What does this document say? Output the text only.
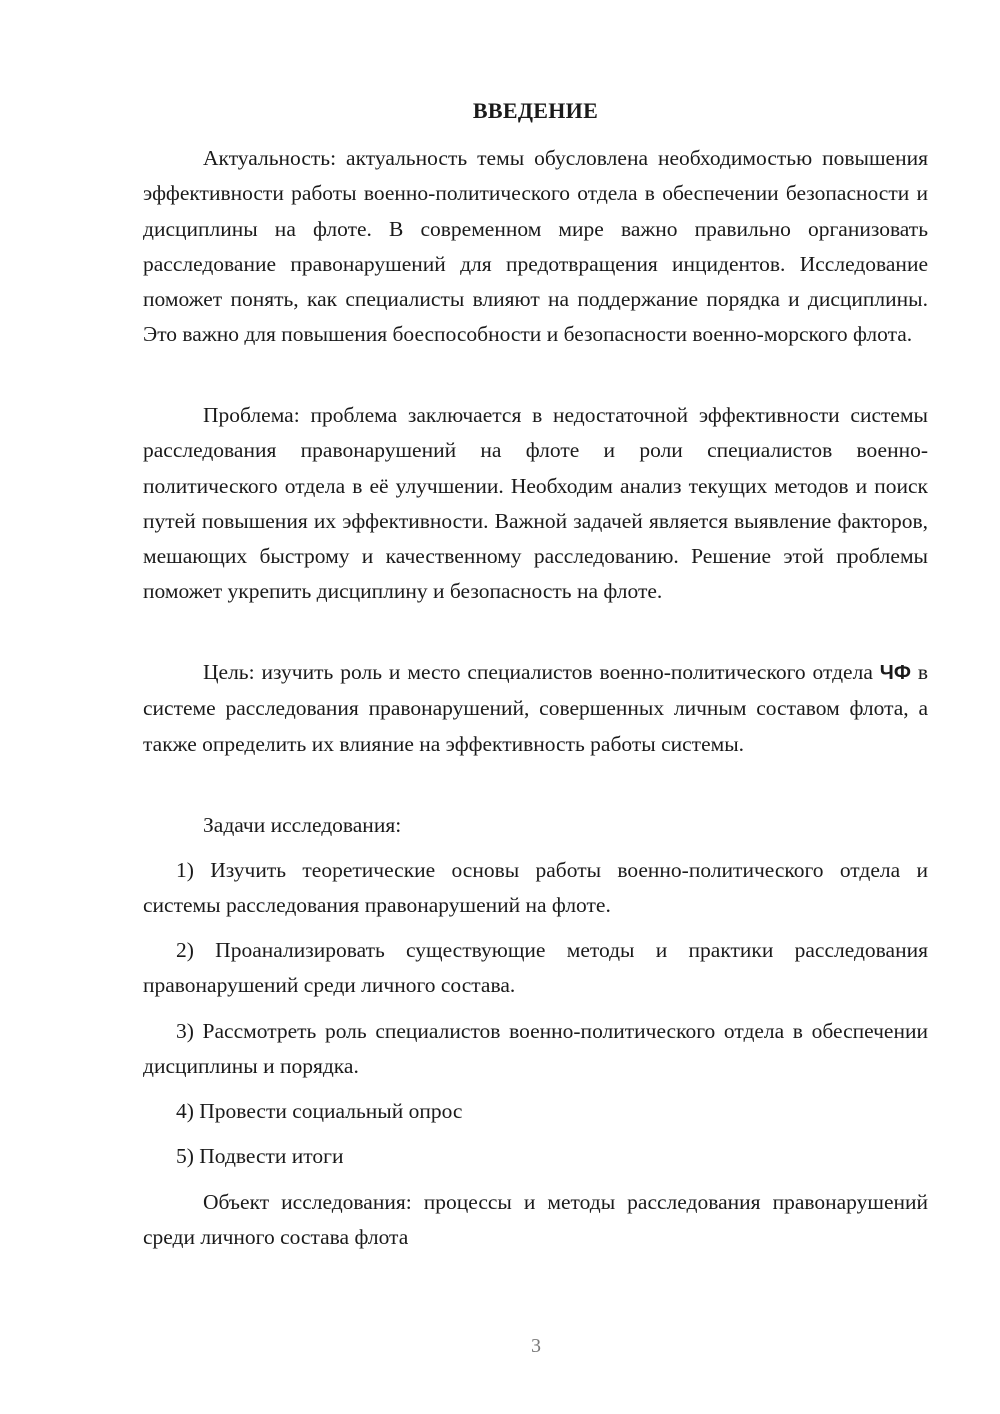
ВВЕДЕНИЕ

Актуальность: актуальность темы обусловлена необходимостью повышения эффективности работы военно-политического отдела в обеспечении безопасности и дисциплины на флоте. В современном мире важно правильно организовать расследование правонарушений для предотвращения инцидентов. Исследование поможет понять, как специалисты влияют на поддержание порядка и дисциплины. Это важно для повышения боеспособности и безопасности военно-морского флота.

Проблема: проблема заключается в недостаточной эффективности системы расследования правонарушений на флоте и роли специалистов военно-политического отдела в её улучшении. Необходим анализ текущих методов и поиск путей повышения их эффективности. Важной задачей является выявление факторов, мешающих быстрому и качественному расследованию. Решение этой проблемы поможет укрепить дисциплину и безопасность на флоте.

Цель: изучить роль и место специалистов военно-политического отдела ЧФ в системе расследования правонарушений, совершенных личным составом флота, а также определить их влияние на эффективность работы системы.

Задачи исследования:

1) Изучить теоретические основы работы военно-политического отдела и системы расследования правонарушений на флоте.

2) Проанализировать существующие методы и практики расследования правонарушений среди личного состава.

3) Рассмотреть роль специалистов военно-политического отдела в обеспечении дисциплины и порядка.

4) Провести социальный опрос

5) Подвести итоги

Объект исследования: процессы и методы расследования правонарушений среди личного состава флота

3
